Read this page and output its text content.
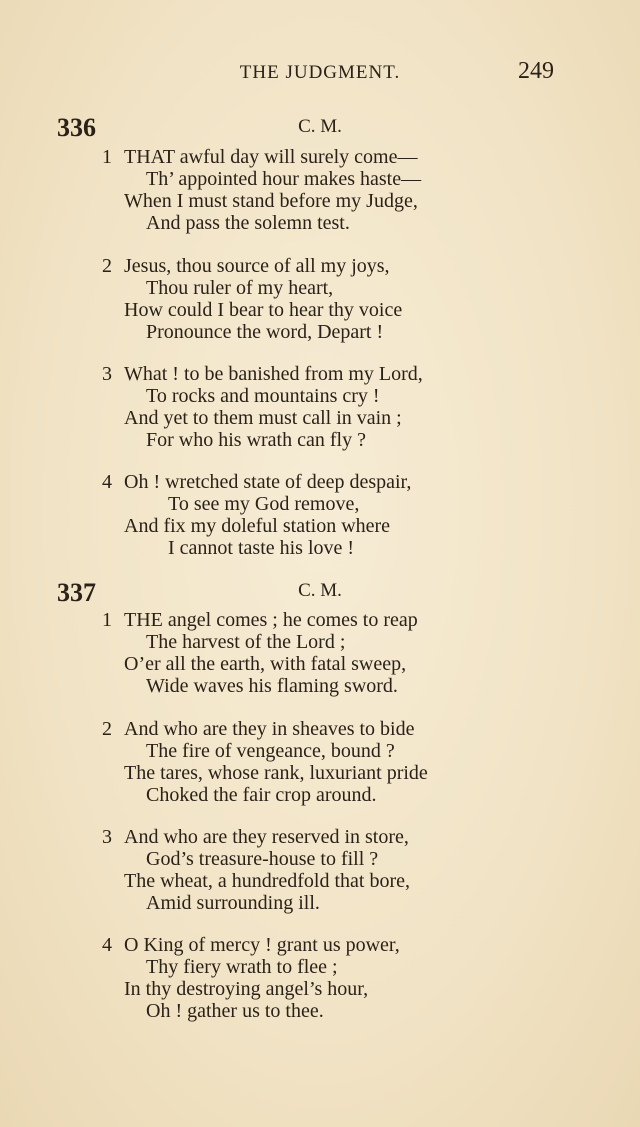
THE JUDGMENT.	249
336	C. M.
1 THAT awful day will surely come—
Th’ appointed hour makes haste—
When I must stand before my Judge,
And pass the solemn test.
2 Jesus, thou source of all my joys,
Thou ruler of my heart,
How could I bear to hear thy voice
Pronounce the word, Depart !
3 What ! to be banished from my Lord,
To rocks and mountains cry !
And yet to them must call in vain ;
For who his wrath can fly ?
4 Oh ! wretched state of deep despair,
To see my God remove,
And fix my doleful station where
I cannot taste his love !
337	C. M.
1 THE angel comes ; he comes to reap
The harvest of the Lord ;
O’er all the earth, with fatal sweep,
Wide waves his flaming sword.
2 And who are they in sheaves to bide
The fire of vengeance, bound ?
The tares, whose rank, luxuriant pride
Choked the fair crop around.
3 And who are they reserved in store,
God’s treasure-house to fill ?
The wheat, a hundredfold that bore,
Amid surrounding ill.
4 O King of mercy ! grant us power,
Thy fiery wrath to flee ;
In thy destroying angel’s hour,
Oh ! gather us to thee.
